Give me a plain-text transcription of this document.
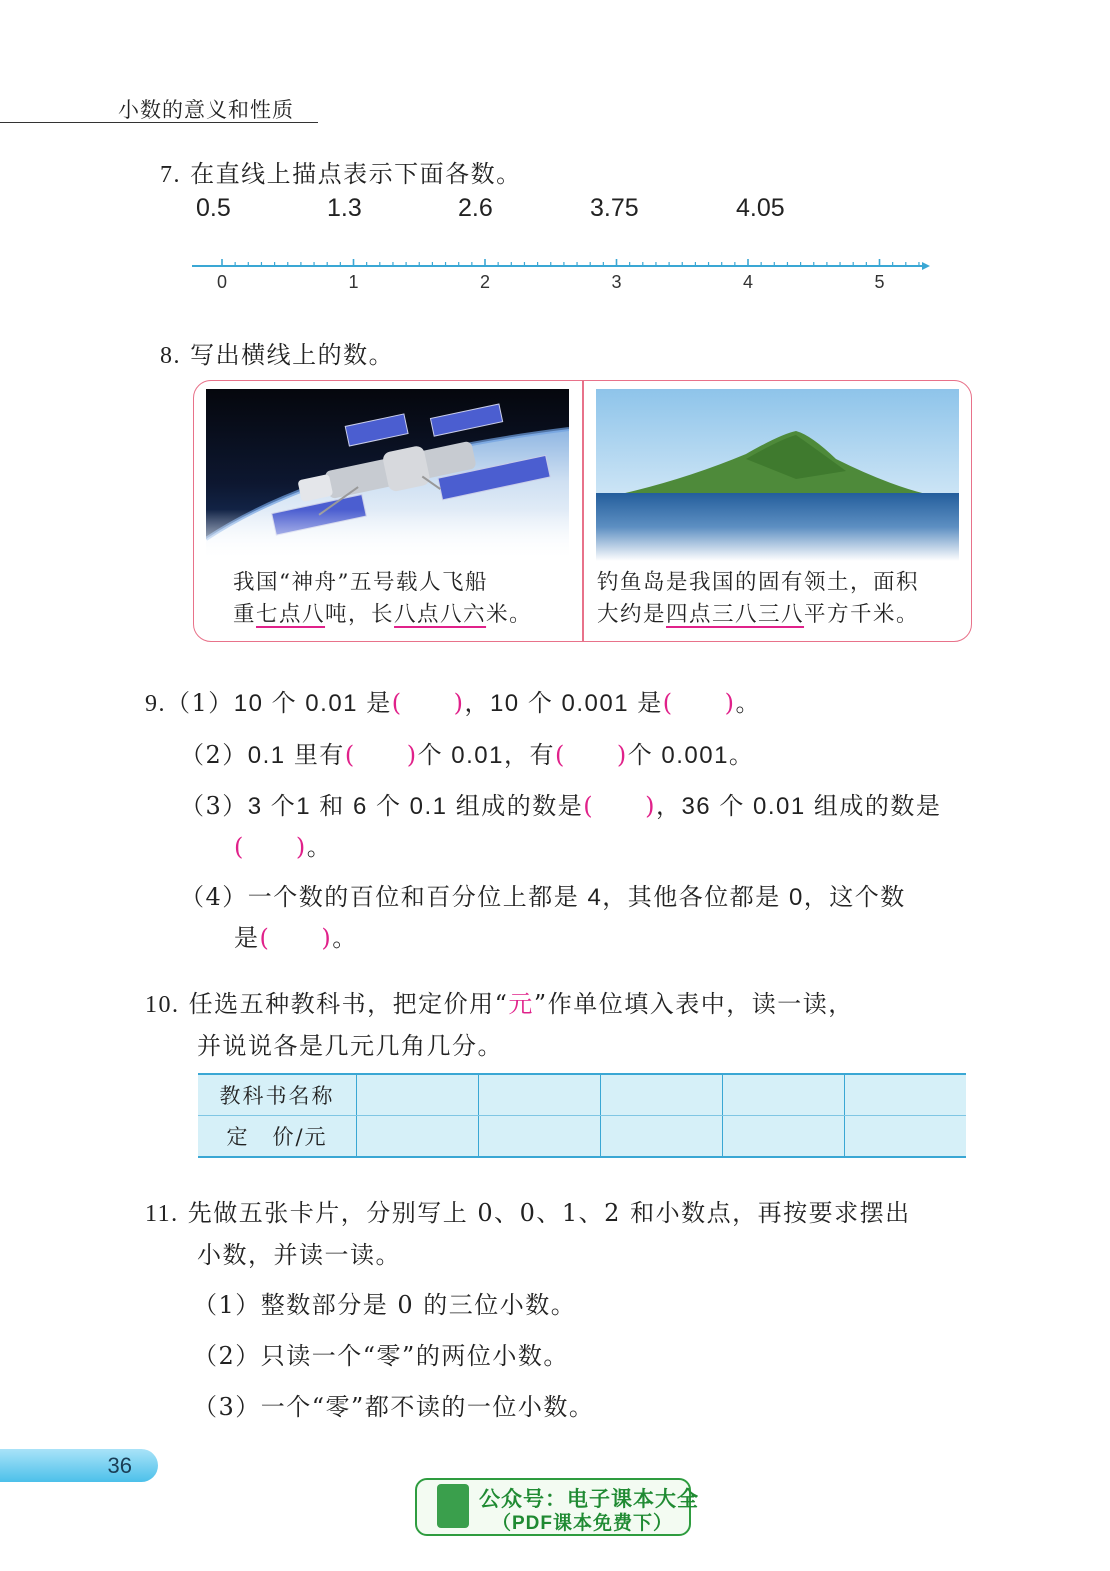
小数的意义和性质
7. 在直线上描点表示下面各数。
0.5	1.3	2.6	3.75	4.05
0	1	2	3	4	5
8. 写出横线上的数。
我国“神舟”五号载人飞船
重七点八吨，长八点八六米。
钓鱼岛是我国的固有领土，面积
大约是四点三八三八平方千米。
9.（1）10 个 0.01 是(　　 )，10 个 0.001 是(　　 )。
（2）0.1 里有(　　 )个 0.01，有(　　 )个 0.001。
（3）3 个1 和 6 个 0.1 组成的数是(　　 )，36 个 0.01 组成的数是
(　　 )。
（4）一个数的百位和百分位上都是 4，其他各位都是 0，这个数
是(　　 )。
10. 任选五种教科书，把定价用“元”作单位填入表中，读一读，
并说说各是几元几角几分。
教科书名称					
定　价/元					
11. 先做五张卡片，分别写上 0、0、1、2 和小数点，再按要求摆出
小数，并读一读。
（1）整数部分是 0 的三位小数。
（2）只读一个“零”的两位小数。
（3）一个“零”都不读的一位小数。
36
公众号：电子课本大全
（PDF课本免费下）
